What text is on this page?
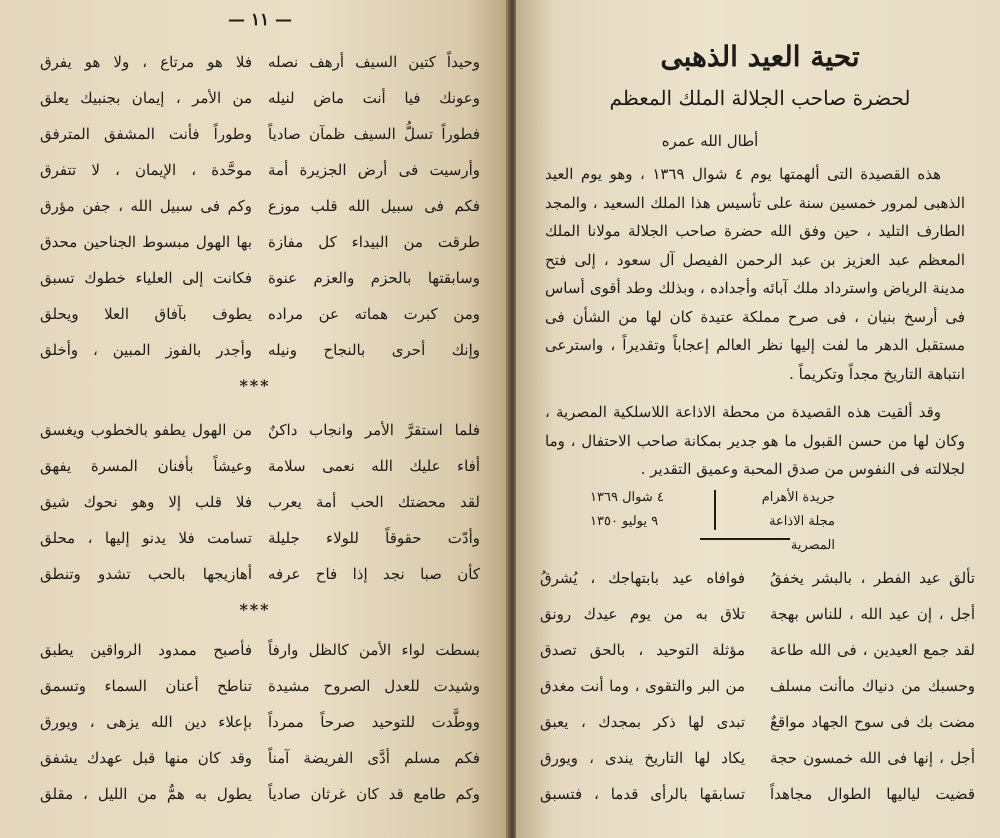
— ١١ —
وحيداً كتين السيف أرهف نصله
فلا هو مرتاع ، ولا هو يفرق
وعونك فيا أنت ماض لنيله
من الأمر ، إيمان بجنبيك يعلق
فطوراً تسلُّ السيف ظمآن صادياً
وطوراً فأنت المشفق المترفق
وأرسيت فى أرض الجزيرة أمة
موحَّدة ، الإيمان ، لا تتفرق
فكم فى سبيل الله قلب موزع
وكم فى سبيل الله ، جفن مؤرق
طرقت من البيداء كل مفازة
بها الهول مبسوط الجناحين محدق
وسابقتها بالحزم والعزم عنوة
فكانت إلى العلياء خطوك تسبق
ومن كبرت هماته عن مراده
يطوف بآفاق العلا ويحلق
وإنك أحرى بالنجاح ونيله
وأجدر بالفوز المبين ، وأخلق
***
فلما استقرَّ الأمر وانجاب داكنٌ
من الهول يطفو بالخطوب ويغسق
أفاء عليك الله نعمى سلامة
وعيشاً بأفنان المسرة يفهق
لقد محضتك الحب أمة يعرب
فلا قلب إلا وهو نحوك شيق
وأدّت حقوقاً للولاء جليلة
تسامت فلا يدنو إليها ، محلق
كأن صبا نجد إذا فاح عرفه
أهازيجها بالحب تشدو وتنطق
***
بسطت لواء الأمن كالظل وارفاً
فأصبح ممدود الرواقين يطبق
وشيدت للعدل الصروح مشيدة
تناطح أعنان السماء وتسمق
ووطَّدت للتوحيد صرحاً ممرداً
بإعلاء دين الله يزهى ، ويورق
فكم مسلم أدَّى الفريضة آمناً
وقد كان منها قبل عهدك يشفق
وكم طامع قد كان غرثان صادياً
يطول به همٌّ من الليل ، مقلق
تحية العيد الذهبى
لحضرة صاحب الجلالة الملك المعظم
أطال الله عمره
هذه القصيدة التى ألهمتها يوم ٤ شوال ١٣٦٩ ، وهو يوم العيد الذهبى لمرور خمسين سنة على تأسيس هذا الملك السعيد ، والمجد الطارف التليد ، حين وفق الله حضرة صاحب الجلالة مولانا الملك المعظم عبد العزيز بن عبد الرحمن الفيصل آل سعود ، إلى فتح مدينة الرياض واسترداد ملك آبائه وأجداده ، وبذلك وطد أقوى أساس فى أرسخ بنيان ، فى صرح مملكة عتيدة كان لها من الشأن فى مستقبل الدهر ما لفت إليها نظر العالم إعجاباً وتقديراً ، واسترعى انتباهة التاريخ مجداً وتكريماً .
وقد ألقيت هذه القصيدة من محطة الاذاعة اللاسلكية المصرية ، وكان لها من حسن القبول ما هو جدير بمكانة صاحب الاحتفال ، وما لجلالته فى النفوس من صدق المحبة وعميق التقدير .
جريدة الأهرام
٤ شوال ١٣٦٩
مجلة الاذاعة المصرية
٩ يوليو ١٣٥٠
تألق عيد الفطر ، بالبشر يخفقُ
فوافاه عيد بابتهاجك ، يُشرقُ
أجل ، إن عيد الله ، للناس بهجة
تلاق به من يوم عيدك رونق
لقد جمع العيدين ، فى الله طاعة
مؤثلة التوحيد ، بالحق تصدق
وحسبك من دنياك ماأنت مسلف
من البر والتقوى ، وما أنت مغدق
مضت بك فى سوح الجهاد مواقعٌ
تبدى لها ذكر بمجدك ، يعبق
أجل ، إنها فى الله خمسون حجة
يكاد لها التاريخ يندى ، ويورق
قضيت لياليها الطوال مجاهداً
تسابقها بالرأى قدما ، فتسبق
